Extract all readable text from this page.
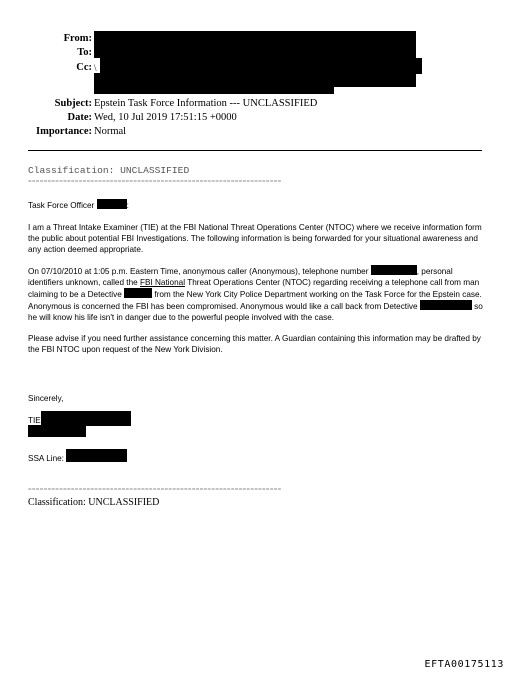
From:
To:
Cc: \
Subject: Epstein Task Force Information --- UNCLASSIFIED
Date: Wed, 10 Jul 2019 17:51:15 +0000
Importance: Normal
Classification: UNCLASSIFIED
=================================================================
Task Force Officer	:

I am a Threat Intake Examiner (TIE) at the FBI National Threat Operations Center (NTOC) where we receive information form the public about potential FBI Investigations. The following information is being forwarded for your situational awareness and any action deemed appropriate.

On 07/10/2010 at 1:05 p.m. Eastern Time, anonymous caller (Anonymous), telephone number	, personal identifiers unknown, called the FBI National Threat Operations Center (NTOC) regarding receiving a telephone call from man claiming to be a Detective	from the New York City Police Department working on the Task Force for the Epstein case. Anonymous is concerned the FBI has been compromised. Anonymous would like a call back from Detective	so he will know his life isn't in danger due to the powerful people involved with the case.

Please advise if you need further assistance concerning this matter. A Guardian containing this information may be drafted by the FBI NTOC upon request of the New York Division.

Sincerely,
TIE
SSA Line:
=================================================================
Classification: UNCLASSIFIED
EFTA00175113
